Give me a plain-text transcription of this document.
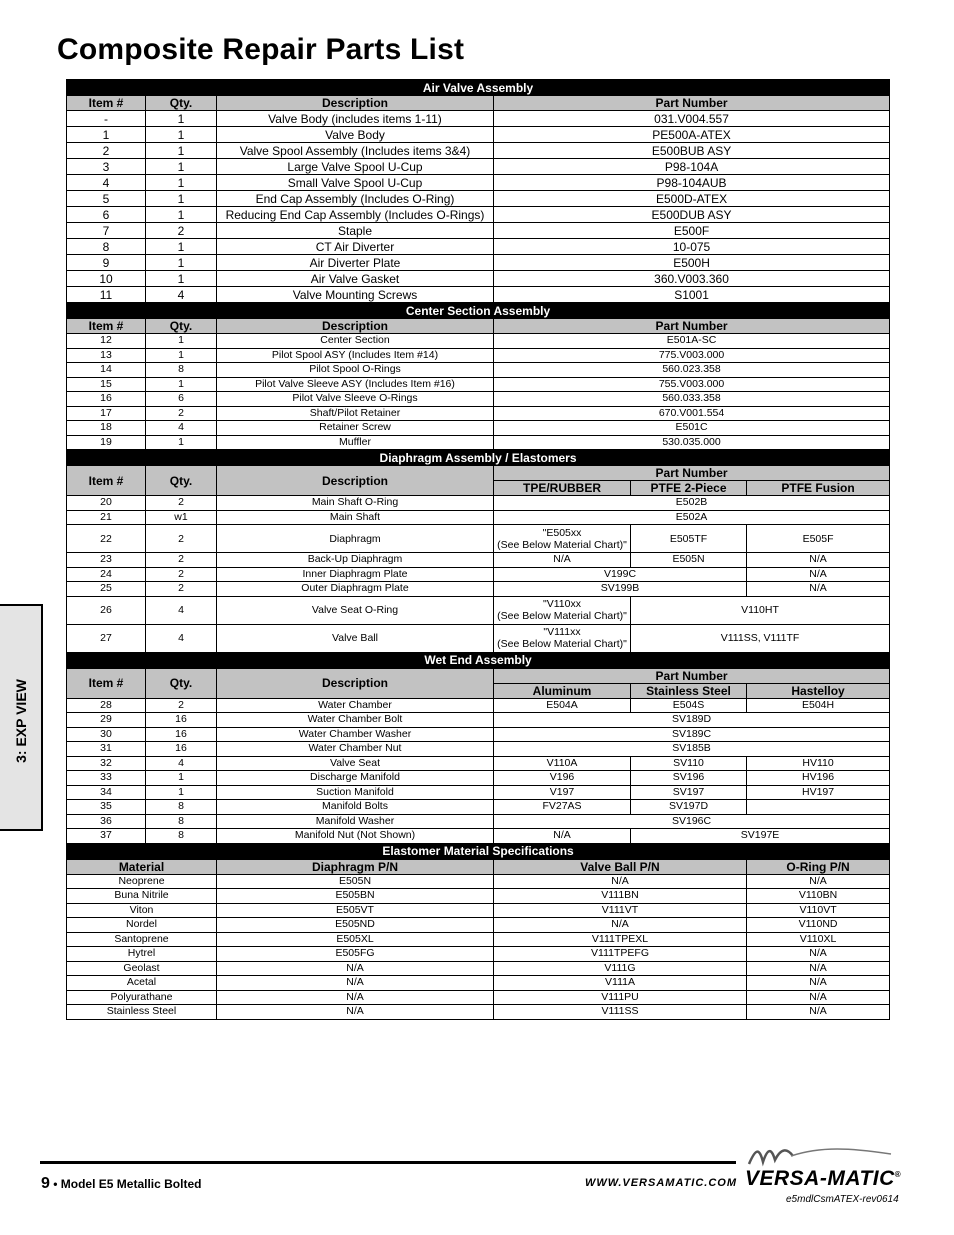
Composite Repair Parts List
Air Valve Assembly					
Item #	Qty.	Description	Part Number		
-	1	Valve Body (includes items 1-11)	031.V004.557		
1	1	Valve Body	PE500A-ATEX		
2	1	Valve Spool Assembly (Includes items 3&4)	E500BUB ASY		
3	1	Large Valve Spool U-Cup	P98-104A		
4	1	Small Valve Spool U-Cup	P98-104AUB		
5	1	End Cap Assembly (Includes O-Ring)	E500D-ATEX		
6	1	Reducing End Cap Assembly (Includes O-Rings)	E500DUB ASY		
7	2	Staple	E500F		
8	1	CT Air Diverter	10-075		
9	1	Air Diverter Plate	E500H		
10	1	Air Valve Gasket	360.V003.360		
11	4	Valve Mounting Screws	S1001		
Center Section Assembly					
Item #	Qty.	Description	Part Number		
12	1	Center Section	E501A-SC		
13	1	Pilot Spool ASY (Includes Item #14)	775.V003.000		
14	8	Pilot Spool O-Rings	560.023.358		
15	1	Pilot Valve Sleeve ASY (Includes Item #16)	755.V003.000		
16	6	Pilot Valve Sleeve O-Rings	560.033.358		
17	2	Shaft/Pilot Retainer	670.V001.554		
18	4	Retainer Screw	E501C		
19	1	Muffler	530.035.000		
Diaphragm Assembly / Elastomers					
Item #	Qty.	Description	Part Number		
			TPE/RUBBER	PTFE 2-Piece	PTFE Fusion
20	2	Main Shaft O-Ring	E502B		
21	w1	Main Shaft	E502A		
22	2	Diaphragm	"E505xx
(See Below Material Chart)"	E505TF	E505F
23	2	Back-Up Diaphragm	N/A	E505N	N/A
24	2	Inner Diaphragm Plate	V199C		N/A
25	2	Outer Diaphragm Plate	SV199B		N/A
26	4	Valve Seat O-Ring	"V110xx
(See Below Material Chart)"	V110HT	
27	4	Valve Ball	"V111xx
(See Below Material Chart)"	V111SS, V111TF	
Wet End Assembly					
Item #	Qty.	Description	Part Number		
			Aluminum	Stainless Steel	Hastelloy
28	2	Water Chamber	E504A	E504S	E504H
29	16	Water Chamber Bolt	SV189D		
30	16	Water Chamber Washer	SV189C		
31	16	Water Chamber Nut	SV185B		
32	4	Valve Seat	V110A	SV110	HV110
33	1	Discharge Manifold	V196	SV196	HV196
34	1	Suction Manifold	V197	SV197	HV197
35	8	Manifold Bolts	FV27AS	SV197D	
36	8	Manifold Washer	SV196C		
37	8	Manifold Nut (Not Shown)	N/A	SV197E	
Elastomer Material Specifications					
Material		Diaphragm P/N	Valve Ball P/N		O-Ring P/N
Neoprene		E505N	N/A		N/A
Buna Nitrile		E505BN	V111BN		V110BN
Viton		E505VT	V111VT		V110VT
Nordel		E505ND	N/A		V110ND
Santoprene		E505XL	V111TPEXL		V110XL
Hytrel		E505FG	V111TPEFG		N/A
Geolast		N/A	V111G		N/A
Acetal		N/A	V111A		N/A
Polyurathane		N/A	V111PU		N/A
Stainless Steel		N/A	V111SS		N/A
3: EXP VIEW
9 • Model E5 Metallic Bolted	WWW.VERSAMATIC.COM VERSA-MATIC®
e5mdlCsmATEX-rev0614
